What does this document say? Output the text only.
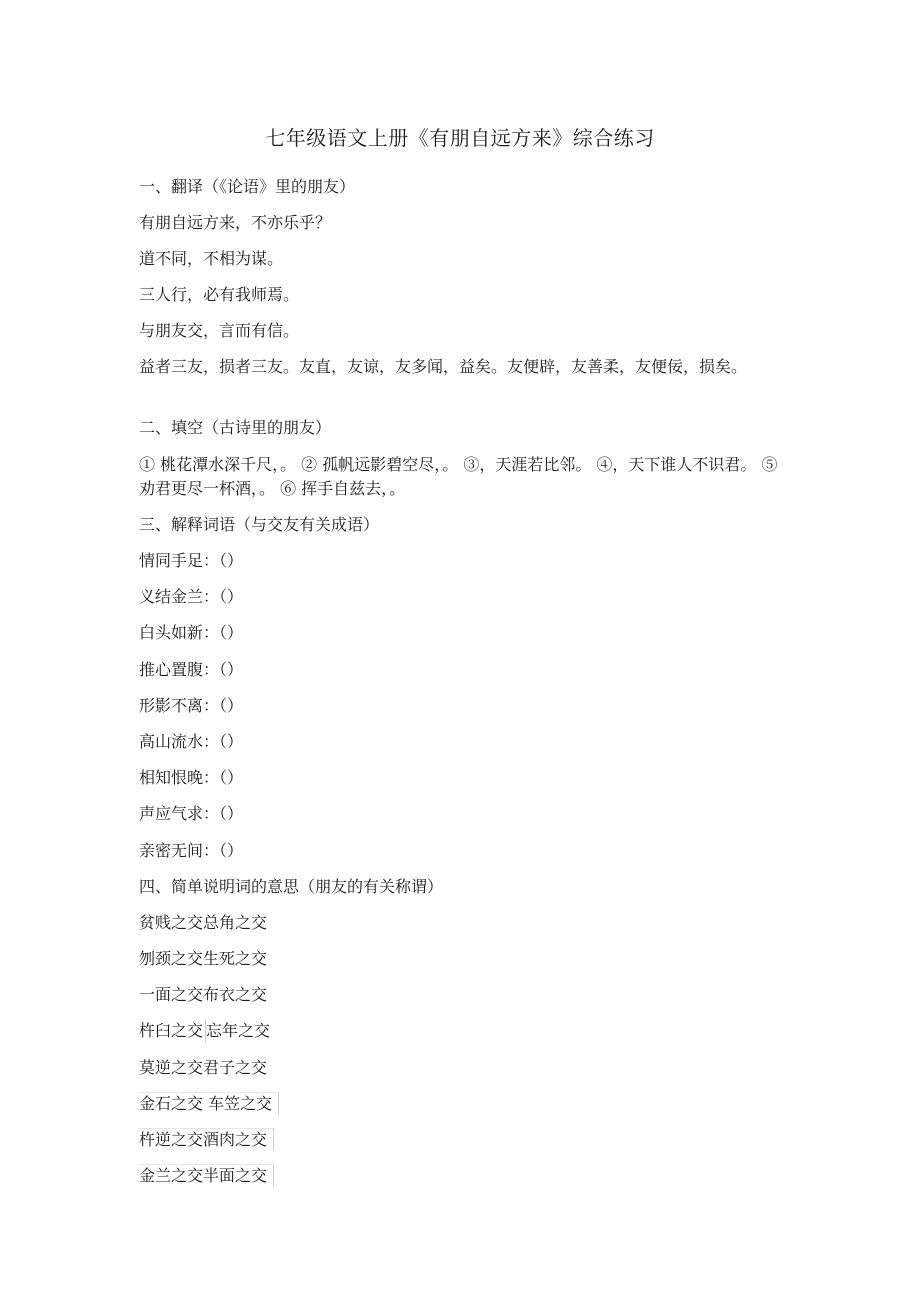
七年级语文上册《有朋自远方来》综合练习
一、翻译（《论语》里的朋友）
有朋自远方来，不亦乐乎？
道不同，不相为谋。
三人行，必有我师焉。
与朋友交，言而有信。
益者三友，损者三友。友直，友谅，友多闻，益矣。友便辟，友善柔，友便佞，损矣。
二、填空（古诗里的朋友）
① 桃花潭水深千尺，。 ② 孤帆远影碧空尽，。 ③，天涯若比邻。 ④，天下谁人不识君。 ⑤ 劝君更尽一杯酒，。 ⑥ 挥手自兹去，。
三、解释词语（与交友有关成语）
情同手足：（）
义结金兰：（）
白头如新：（）
推心置腹：（）
形影不离：（）
高山流水：（）
相知恨晚：（）
声应气求：（）
亲密无间：（）
四、简单说明词的意思（朋友的有关称谓）
贫贱之交总角之交
刎颈之交生死之交
一面之交布衣之交
杵臼之交 忘年之交
莫逆之交君子之交
金石之交 车笠之交
杵逆之交酒肉之交
金兰之交半面之交
